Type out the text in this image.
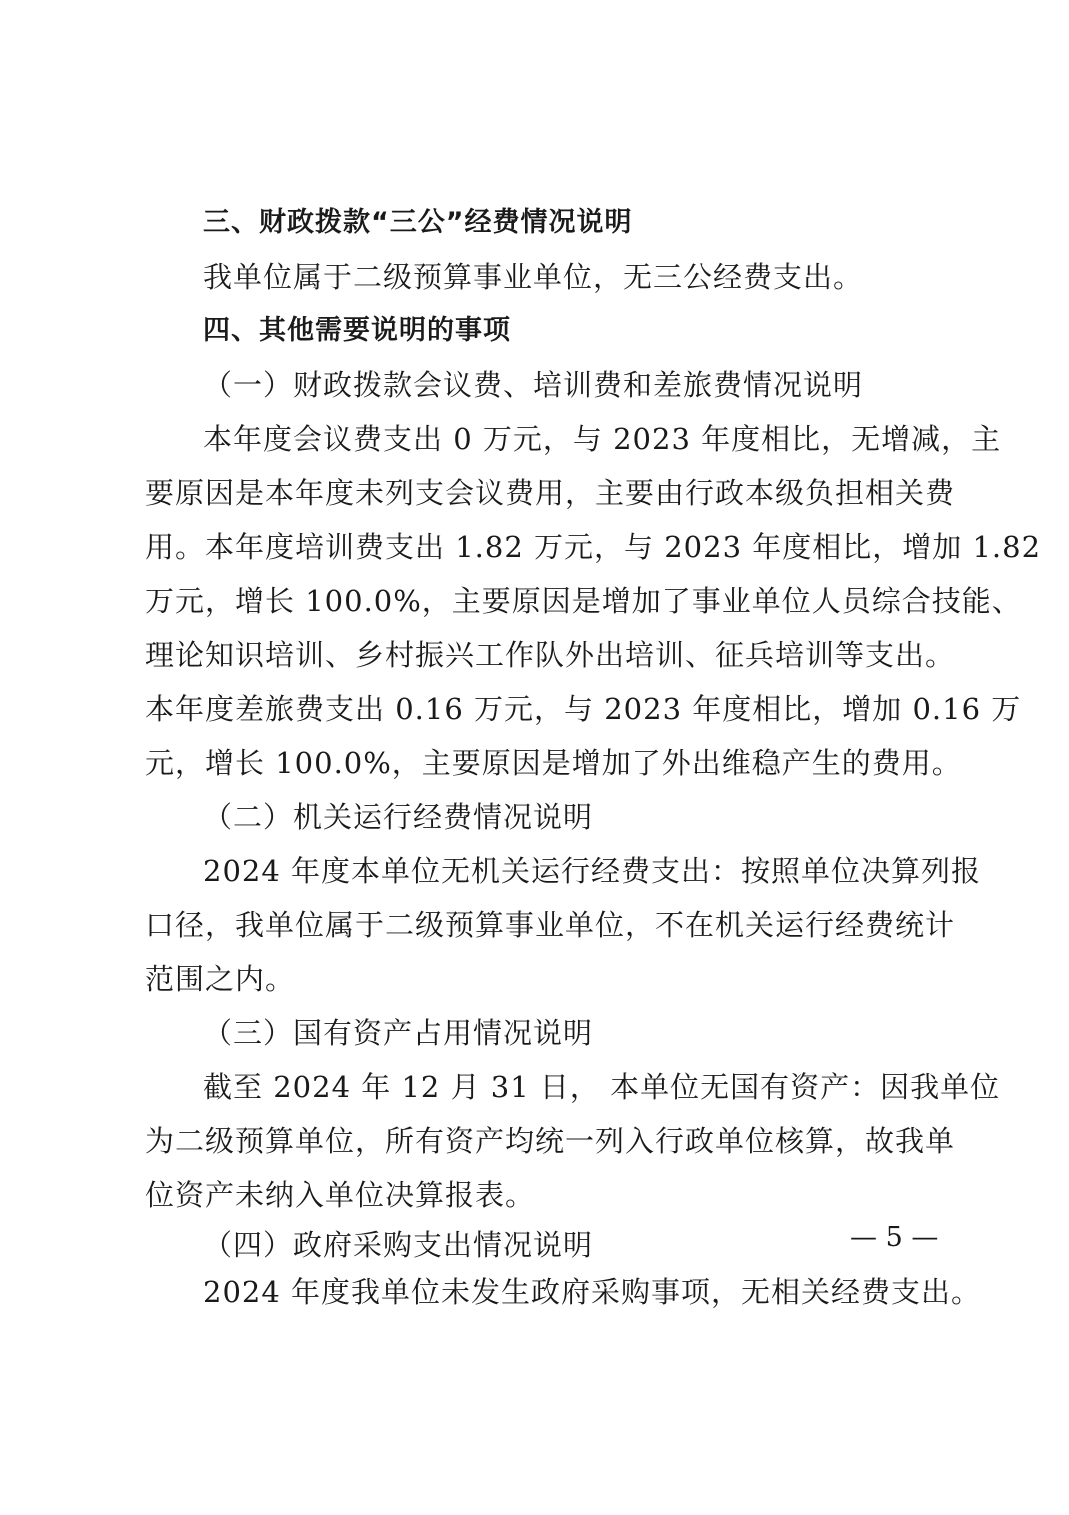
三、财政拨款“三公”经费情况说明
我单位属于二级预算事业单位，无三公经费支出。
四、其他需要说明的事项
（一）财政拨款会议费、培训费和差旅费情况说明
本年度会议费支出 0 万元，与 2023 年度相比，无增减，主
要原因是本年度未列支会议费用，主要由行政本级负担相关费
用。本年度培训费支出 1.82 万元，与 2023 年度相比，增加 1.82
万元，增长 100.0%，主要原因是增加了事业单位人员综合技能、
理论知识培训、乡村振兴工作队外出培训、征兵培训等支出。
本年度差旅费支出 0.16 万元，与 2023 年度相比，增加 0.16 万
元，增长 100.0%，主要原因是增加了外出维稳产生的费用。
（二）机关运行经费情况说明
2024 年度本单位无机关运行经费支出：按照单位决算列报
口径，我单位属于二级预算事业单位，不在机关运行经费统计
范围之内。
（三）国有资产占用情况说明
截至 2024 年 12 月 31 日， 本单位无国有资产：因我单位
为二级预算单位，所有资产均统一列入行政单位核算，故我单
位资产未纳入单位决算报表。
（四）政府采购支出情况说明
2024 年度我单位未发生政府采购事项，无相关经费支出。
— 5 —
